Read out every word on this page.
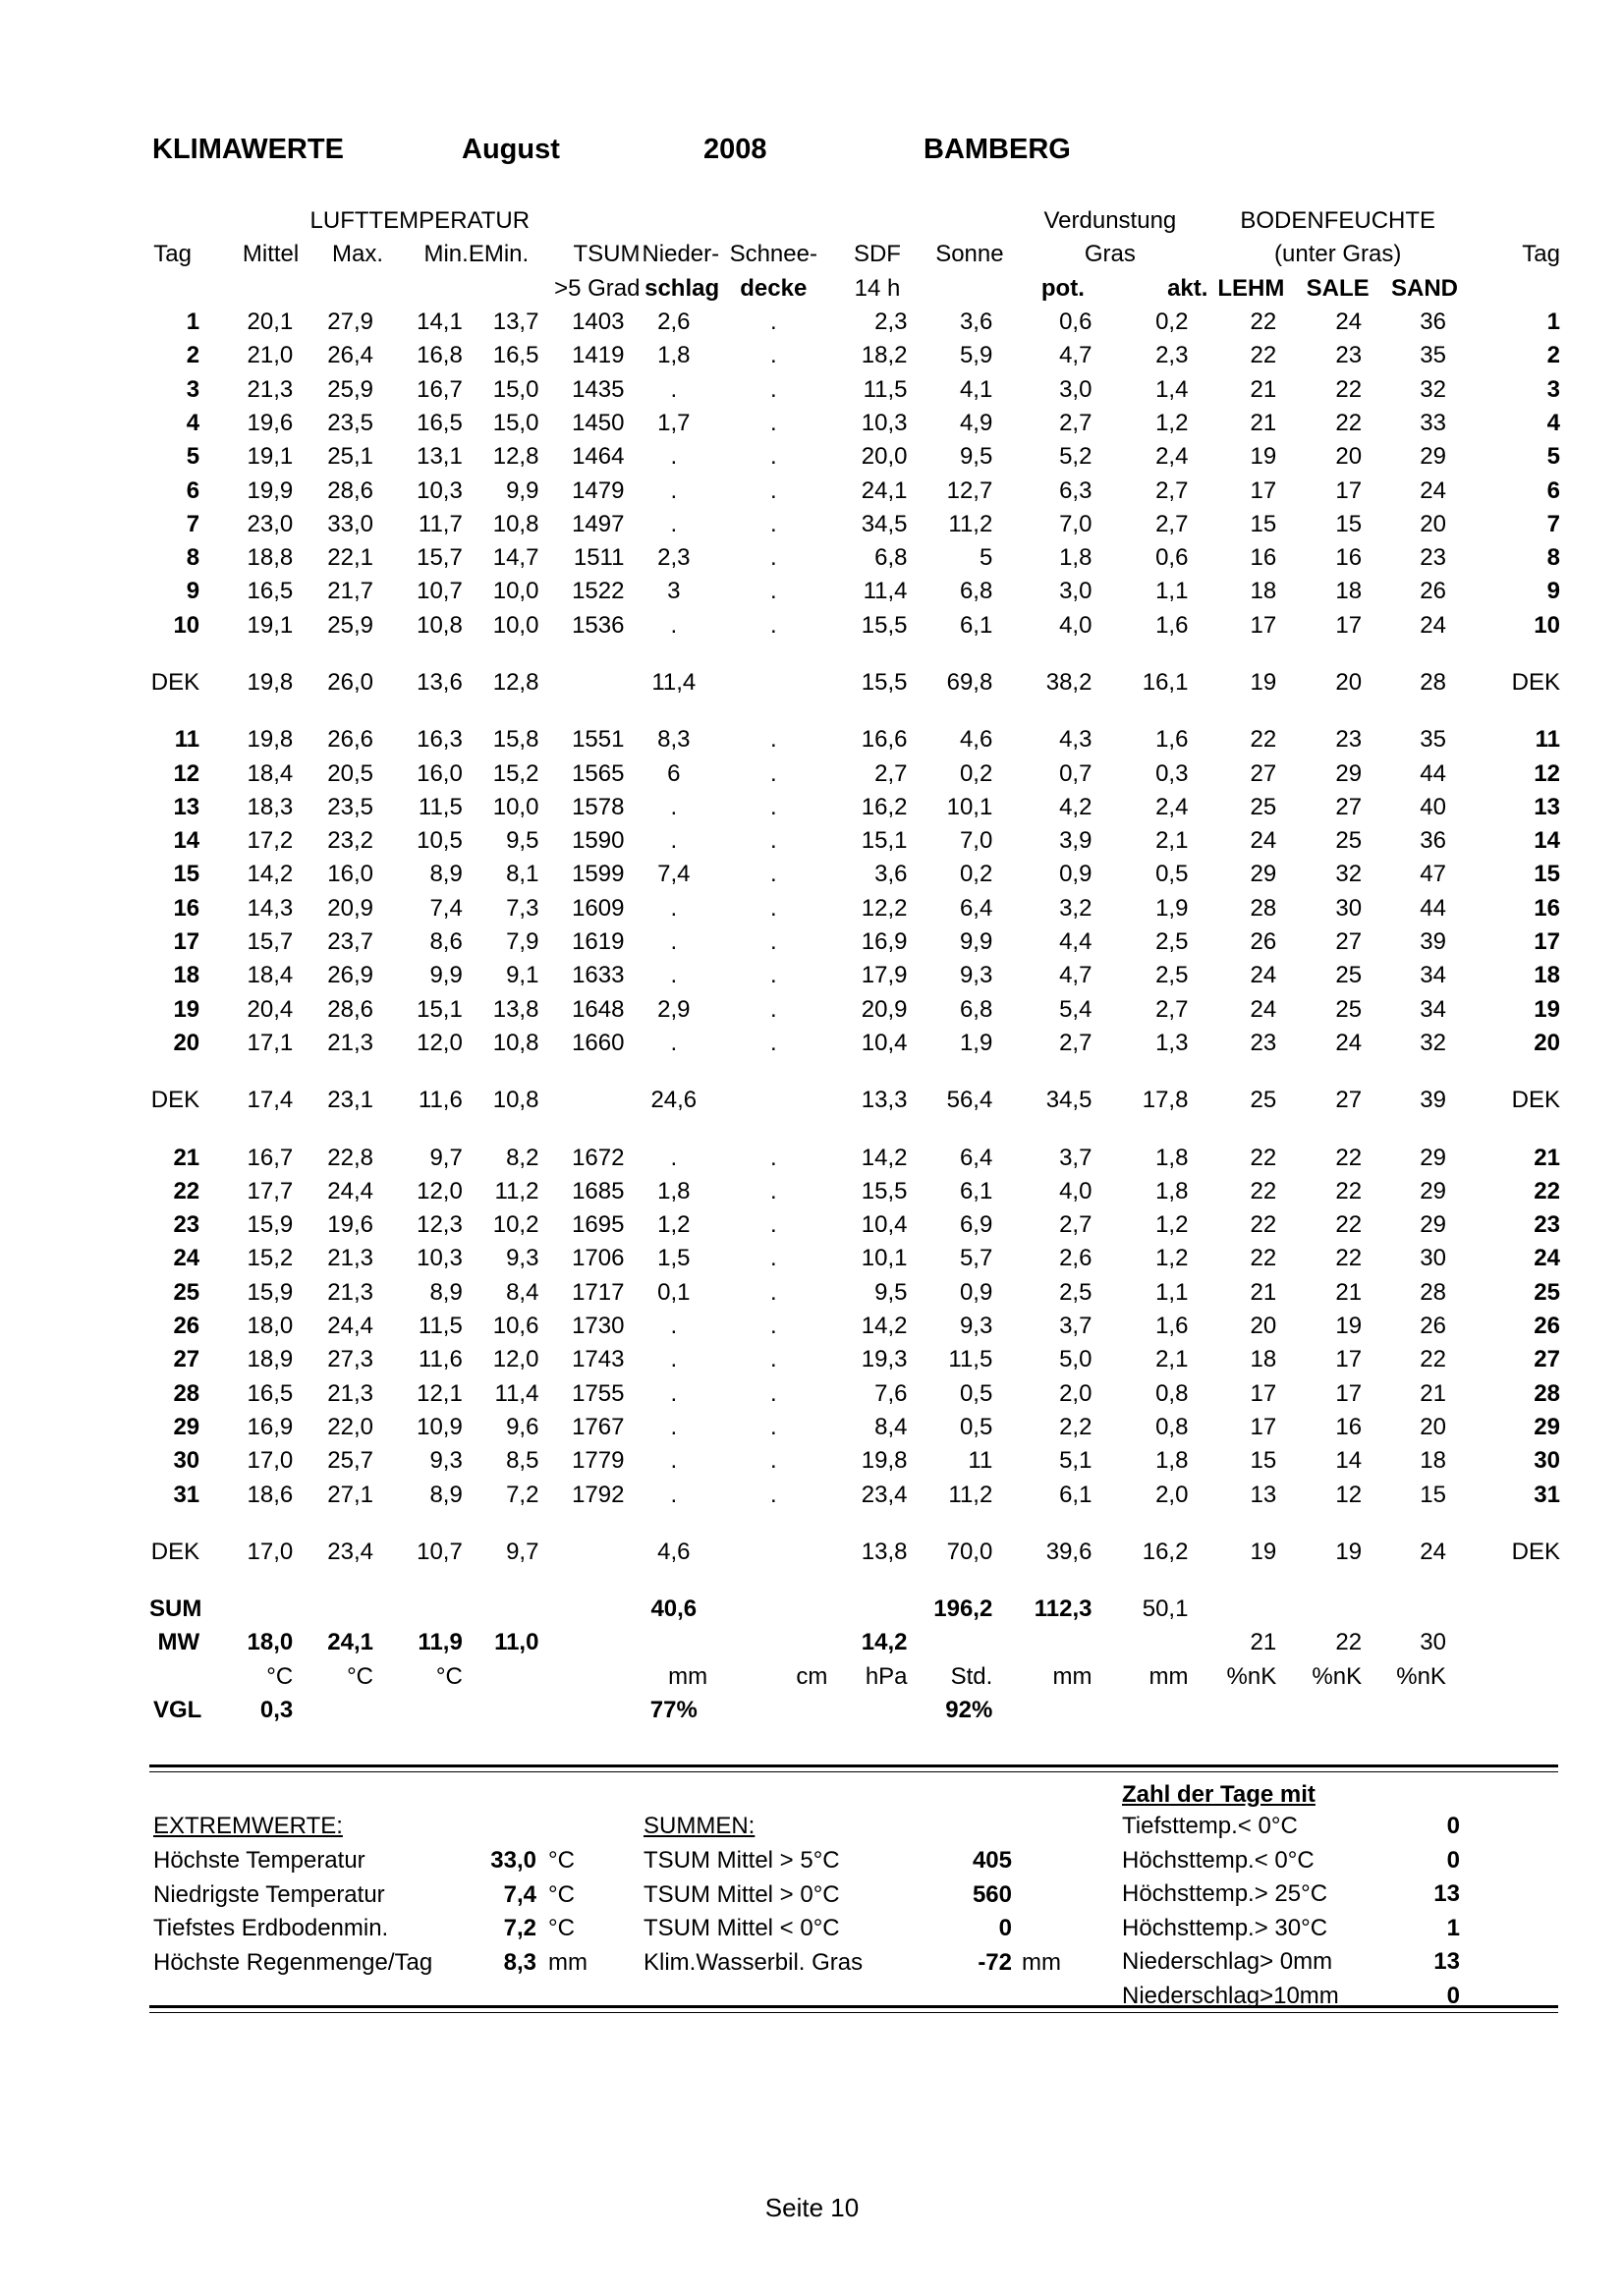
KLIMAWERTE	August	2008	BAMBERG
	LUFTTEMPERATUR									Verdunstung		BODENFEUCHTE			
Tag	Mittel	Max.	Min.	EMin.	TSUM	Nieder-	Schnee-	SDF	Sonne	Gras		(unter Gras)			Tag
					>5 Grad	schlag	decke	14 h		pot.	akt.	LEHM	SALE	SAND	
1	20,1	27,9	14,1	13,7	1403	2,6	.	2,3	3,6	0,6	0,2	22	24	36	1
2	21,0	26,4	16,8	16,5	1419	1,8	.	18,2	5,9	4,7	2,3	22	23	35	2
3	21,3	25,9	16,7	15,0	1435	.	.	11,5	4,1	3,0	1,4	21	22	32	3
4	19,6	23,5	16,5	15,0	1450	1,7	.	10,3	4,9	2,7	1,2	21	22	33	4
5	19,1	25,1	13,1	12,8	1464	.	.	20,0	9,5	5,2	2,4	19	20	29	5
6	19,9	28,6	10,3	9,9	1479	.	.	24,1	12,7	6,3	2,7	17	17	24	6
7	23,0	33,0	11,7	10,8	1497	.	.	34,5	11,2	7,0	2,7	15	15	20	7
8	18,8	22,1	15,7	14,7	1511	2,3	.	6,8	5	1,8	0,6	16	16	23	8
9	16,5	21,7	10,7	10,0	1522	3	.	11,4	6,8	3,0	1,1	18	18	26	9
10	19,1	25,9	10,8	10,0	1536	.	.	15,5	6,1	4,0	1,6	17	17	24	10

DEK	19,8	26,0	13,6	12,8		11,4		15,5	69,8	38,2	16,1	19	20	28	DEK

11	19,8	26,6	16,3	15,8	1551	8,3	.	16,6	4,6	4,3	1,6	22	23	35	11
12	18,4	20,5	16,0	15,2	1565	6	.	2,7	0,2	0,7	0,3	27	29	44	12
13	18,3	23,5	11,5	10,0	1578	.	.	16,2	10,1	4,2	2,4	25	27	40	13
14	17,2	23,2	10,5	9,5	1590	.	.	15,1	7,0	3,9	2,1	24	25	36	14
15	14,2	16,0	8,9	8,1	1599	7,4	.	3,6	0,2	0,9	0,5	29	32	47	15
16	14,3	20,9	7,4	7,3	1609	.	.	12,2	6,4	3,2	1,9	28	30	44	16
17	15,7	23,7	8,6	7,9	1619	.	.	16,9	9,9	4,4	2,5	26	27	39	17
18	18,4	26,9	9,9	9,1	1633	.	.	17,9	9,3	4,7	2,5	24	25	34	18
19	20,4	28,6	15,1	13,8	1648	2,9	.	20,9	6,8	5,4	2,7	24	25	34	19
20	17,1	21,3	12,0	10,8	1660	.	.	10,4	1,9	2,7	1,3	23	24	32	20

DEK	17,4	23,1	11,6	10,8		24,6		13,3	56,4	34,5	17,8	25	27	39	DEK

21	16,7	22,8	9,7	8,2	1672	.	.	14,2	6,4	3,7	1,8	22	22	29	21
22	17,7	24,4	12,0	11,2	1685	1,8	.	15,5	6,1	4,0	1,8	22	22	29	22
23	15,9	19,6	12,3	10,2	1695	1,2	.	10,4	6,9	2,7	1,2	22	22	29	23
24	15,2	21,3	10,3	9,3	1706	1,5	.	10,1	5,7	2,6	1,2	22	22	30	24
25	15,9	21,3	8,9	8,4	1717	0,1	.	9,5	0,9	2,5	1,1	21	21	28	25
26	18,0	24,4	11,5	10,6	1730	.	.	14,2	9,3	3,7	1,6	20	19	26	26
27	18,9	27,3	11,6	12,0	1743	.	.	19,3	11,5	5,0	2,1	18	17	22	27
28	16,5	21,3	12,1	11,4	1755	.	.	7,6	0,5	2,0	0,8	17	17	21	28
29	16,9	22,0	10,9	9,6	1767	.	.	8,4	0,5	2,2	0,8	17	16	20	29
30	17,0	25,7	9,3	8,5	1779	.	.	19,8	11	5,1	1,8	15	14	18	30
31	18,6	27,1	8,9	7,2	1792	.	.	23,4	11,2	6,1	2,0	13	12	15	31

DEK	17,0	23,4	10,7	9,7		4,6		13,8	70,0	39,6	16,2	19	19	24	DEK

SUM						40,6			196,2	112,3	50,1				
MW	18,0	24,1	11,9	11,0				14,2				21	22	30	
	°C	°C	°C			mm	cm	hPa	Std.	mm	mm	%nK	%nK	%nK	
VGL	0,3					77%			92%						
Zahl der Tage mit
EXTREMWERTE:	SUMMEN:
Höchste Temperatur	33,0 °C
Niedrigste Temperatur	7,4 °C
Tiefstes Erdbodenmin.	7,2 °C
Höchste Regenmenge/Tag	8,3 mm
TSUM Mittel > 5°C	405
TSUM Mittel > 0°C	560
TSUM Mittel < 0°C	0
Klim.Wasserbil. Gras	-72 mm
Tiefsttemp.< 0°C	0
Höchsttemp.< 0°C	0
Höchsttemp.> 25°C	13
Höchsttemp.> 30°C	1
Niederschlag> 0mm	13
Niederschlag>10mm	0
Seite 10
